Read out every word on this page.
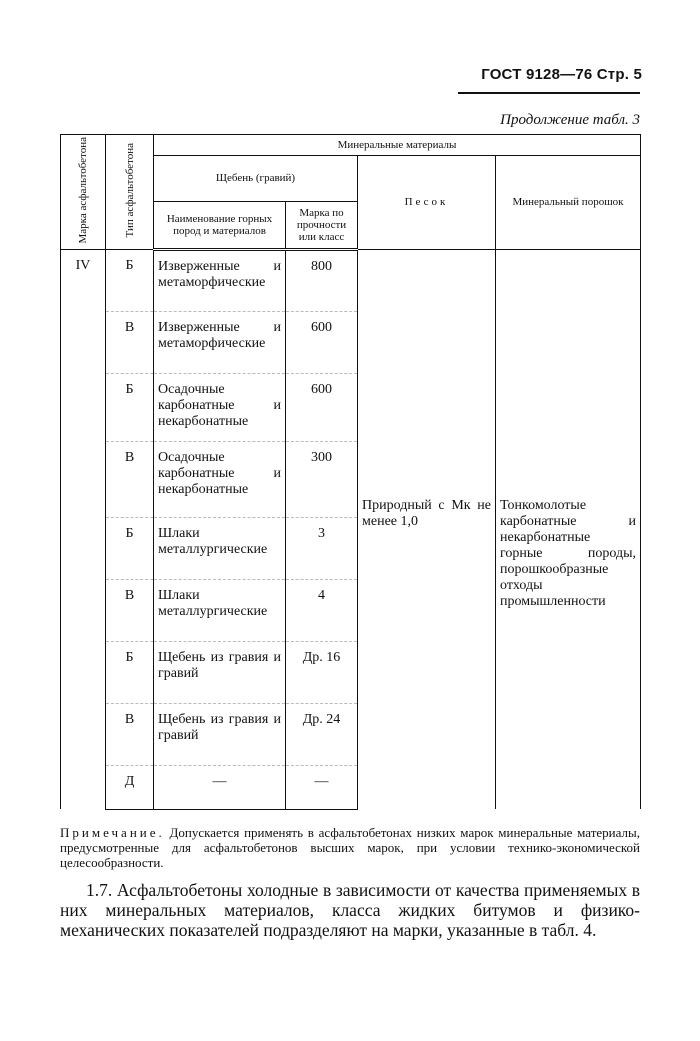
ГОСТ 9128—76 Стр. 5
Продолжение табл. 3
Марка асфальтобетона	Тип асфальтобетона	Минеральные материалы			
		Щебень (гравий)		Песок	Минеральный порошок
		Наименование горных пород и материалов	Марка по прочности или класс		
IV	Б	Изверженные и метаморфические	800	Природный с Mк не менее 1,0	Тонкомолотые карбонатные и некарбонатные горные породы, порошкообразные отходы промышленности
	В	Изверженные и метаморфические	600		
	Б	Осадочные карбонатные и некарбонатные	600		
	В	Осадочные карбонатные и некарбонатные	300		
	Б	Шлаки металлургические	3		
	В	Шлаки металлургические	4		
	Б	Щебень из гравия и гравий	Др. 16		
	В	Щебень из гравия и гравий	Др. 24		
	Д	—	—		
Примечание. Допускается применять в асфальтобетонах низких марок минеральные материалы, предусмотренные для асфальтобетонов высших марок, при условии технико-экономической целесообразности.
1.7. Асфальтобетоны холодные в зависимости от качества применяемых в них минеральных материалов, класса жидких битумов и физико-механических показателей подразделяют на марки, указанные в табл. 4.
